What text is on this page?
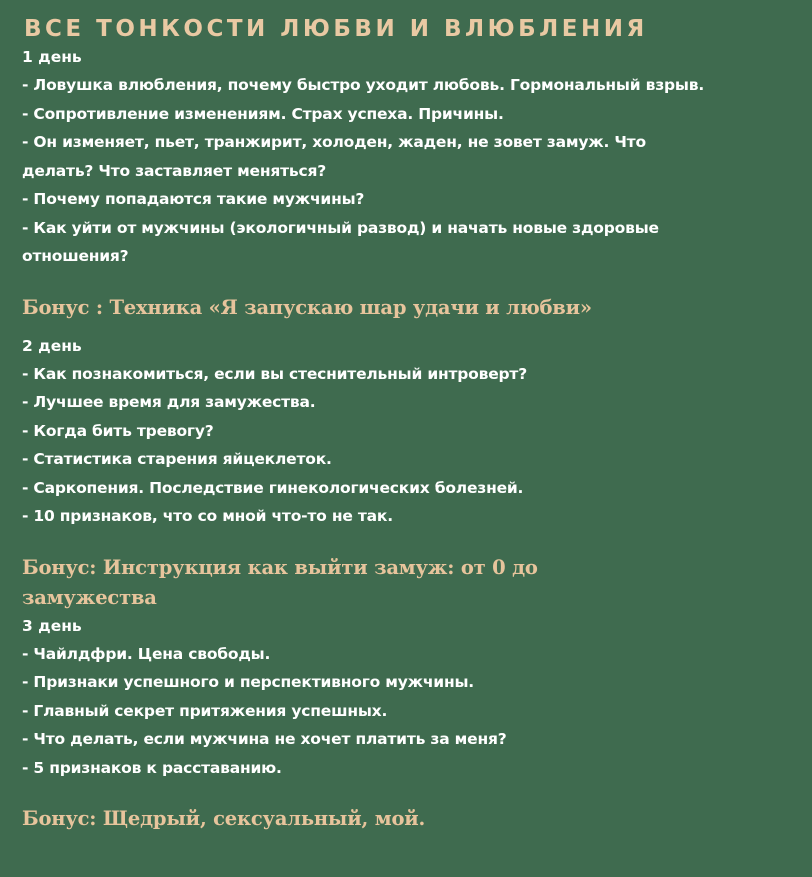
ВСЕ ТОНКОСТИ ЛЮБВИ И ВЛЮБЛЕНИЯ
1 день
- Ловушка влюбления, почему быстро уходит любовь. Гормональный взрыв.
- Сопротивление изменениям. Страх успеха. Причины.
- Он изменяет, пьет, транжирит, холоден, жаден, не зовет замуж. Что
делать? Что заставляет меняться?
- Почему попадаются такие мужчины?
- Как уйти от мужчины (экологичный развод) и начать новые здоровые
отношения?
Бонус : Техника «Я запускаю шар удачи и любви»
2 день
- Как познакомиться, если вы стеснительный интроверт?
- Лучшее время для замужества.
- Когда бить тревогу?
- Статистика старения яйцеклеток.
- Саркопения. Последствие гинекологических болезней.
- 10 признаков, что со мной что-то не так.
Бонус: Инструкция как выйти замуж: от 0 до
замужества
3 день
- Чайлдфри. Цена свободы.
- Признаки успешного и перспективного мужчины.
- Главный секрет притяжения успешных.
- Что делать, если мужчина не хочет платить за меня?
- 5 признаков к расставанию.
Бонус: Щедрый, сексуальный, мой.
